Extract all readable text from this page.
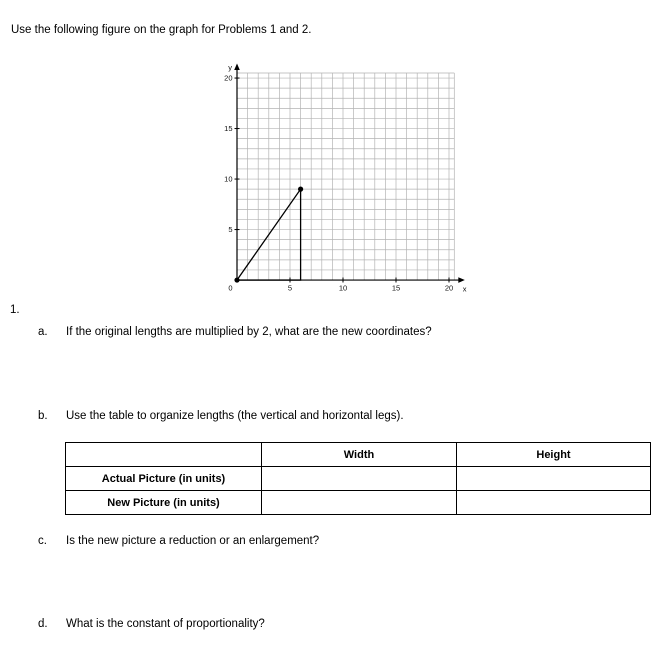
Use the following figure on the graph for Problems 1 and 2.

5
10
15
20
5	10	15	20
0
y
x
1.
a.	If the original lengths are multiplied by 2, what are the new coordinates?
b.	Use the table to organize lengths (the vertical and horizontal legs).
	Width	Height
Actual Picture (in units)		
New Picture (in units)		
c.	Is the new picture a reduction or an enlargement?
d.	What is the constant of proportionality?
